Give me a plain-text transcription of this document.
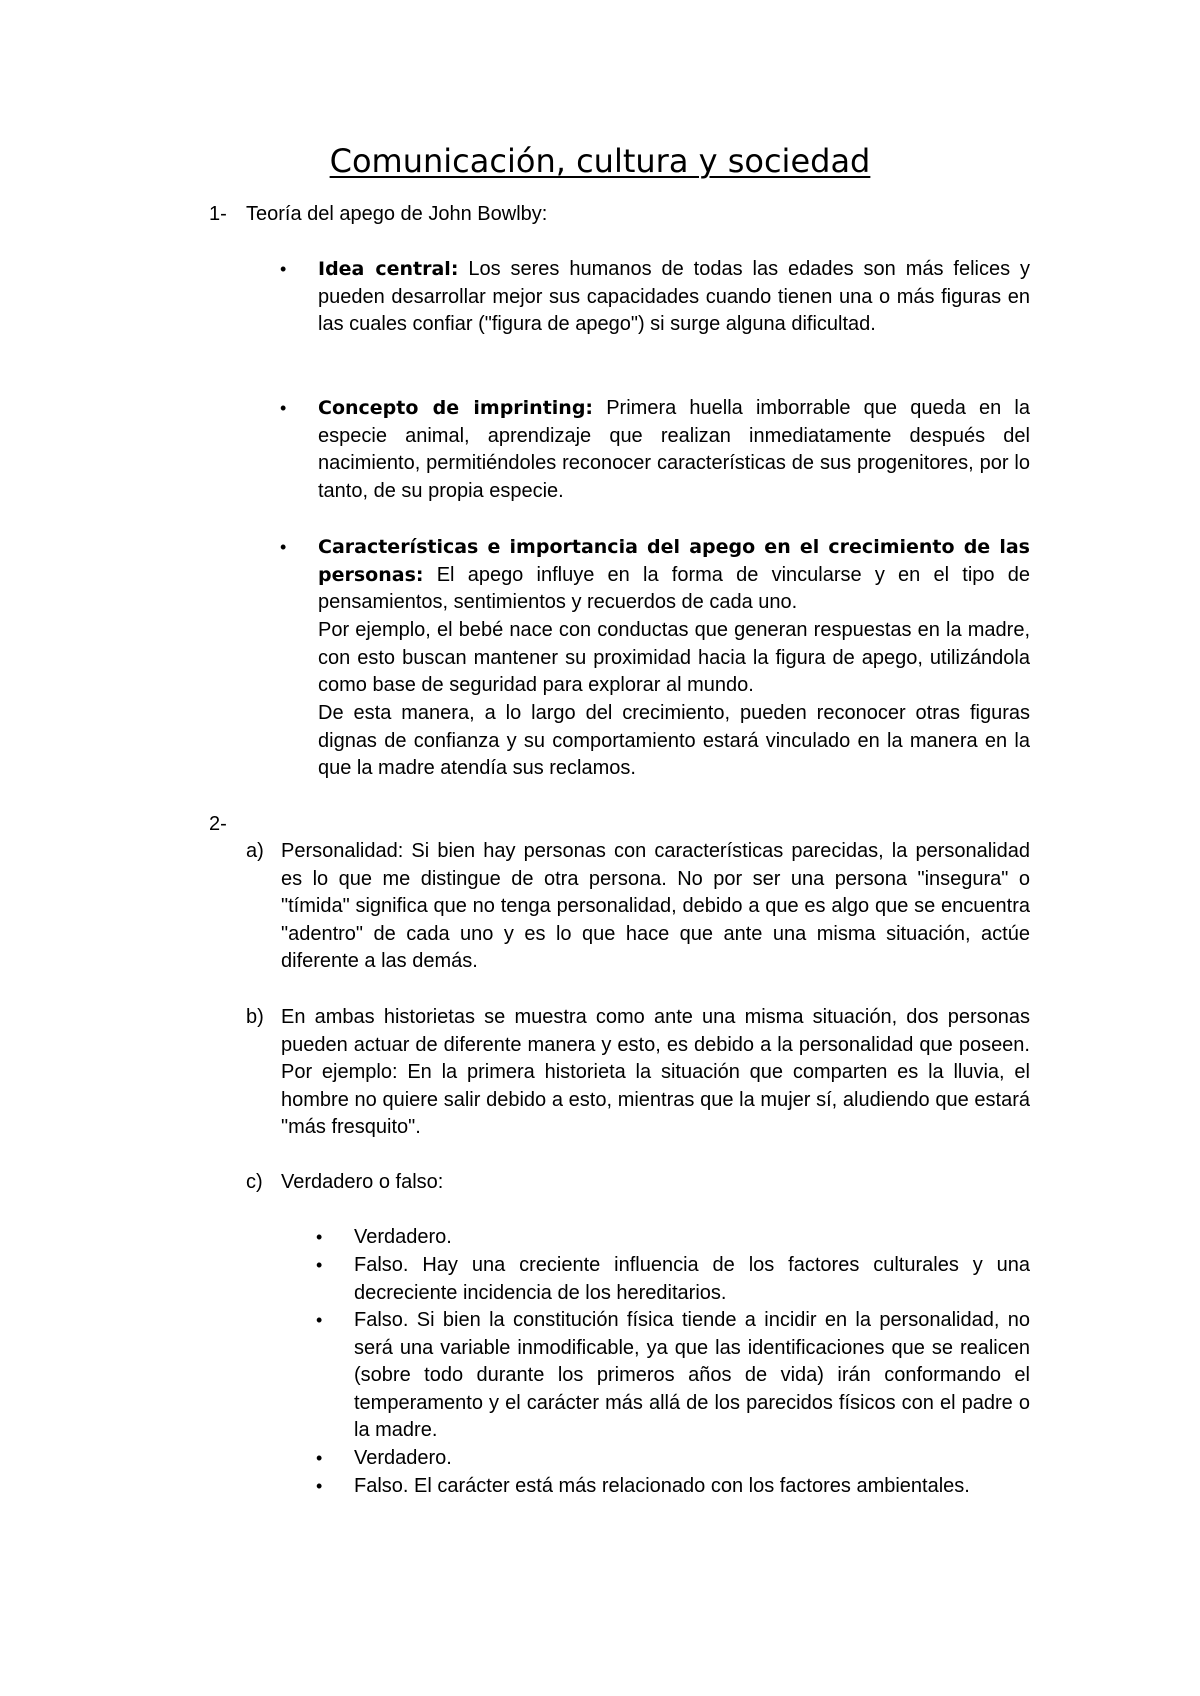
Comunicación, cultura y sociedad

1- Teoría del apego de John Bowlby:

• Idea central: Los seres humanos de todas las edades son más felices y pueden desarrollar mejor sus capacidades cuando tienen una o más figuras en las cuales confiar ("figura de apego") si surge alguna dificultad.

• Concepto de imprinting: Primera huella imborrable que queda en la especie animal, aprendizaje que realizan inmediatamente después del nacimiento, permitiéndoles reconocer características de sus progenitores, por lo tanto, de su propia especie.

• Características e importancia del apego en el crecimiento de las personas: El apego influye en la forma de vincularse y en el tipo de pensamientos, sentimientos y recuerdos de cada uno.

Por ejemplo, el bebé nace con conductas que generan respuestas en la madre, con esto buscan mantener su proximidad hacia la figura de apego, utilizándola como base de seguridad para explorar al mundo.

De esta manera, a lo largo del crecimiento, pueden reconocer otras figuras dignas de confianza y su comportamiento estará vinculado en la manera en la que la madre atendía sus reclamos.

2-

a) Personalidad: Si bien hay personas con características parecidas, la personalidad es lo que me distingue de otra persona. No por ser una persona "insegura" o "tímida" significa que no tenga personalidad, debido a que es algo que se encuentra "adentro" de cada uno y es lo que hace que ante una misma situación, actúe diferente a las demás.

b) En ambas historietas se muestra como ante una misma situación, dos personas pueden actuar de diferente manera y esto, es debido a la personalidad que poseen. Por ejemplo: En la primera historieta la situación que comparten es la lluvia, el hombre no quiere salir debido a esto, mientras que la mujer sí, aludiendo que estará "más fresquito".

c) Verdadero o falso:

• Verdadero.

• Falso. Hay una creciente influencia de los factores culturales y una decreciente incidencia de los hereditarios.

• Falso. Si bien la constitución física tiende a incidir en la personalidad, no será una variable inmodificable, ya que las identificaciones que se realicen (sobre todo durante los primeros años de vida) irán conformando el temperamento y el carácter más allá de los parecidos físicos con el padre o la madre.

• Verdadero.

• Falso. El carácter está más relacionado con los factores ambientales.
